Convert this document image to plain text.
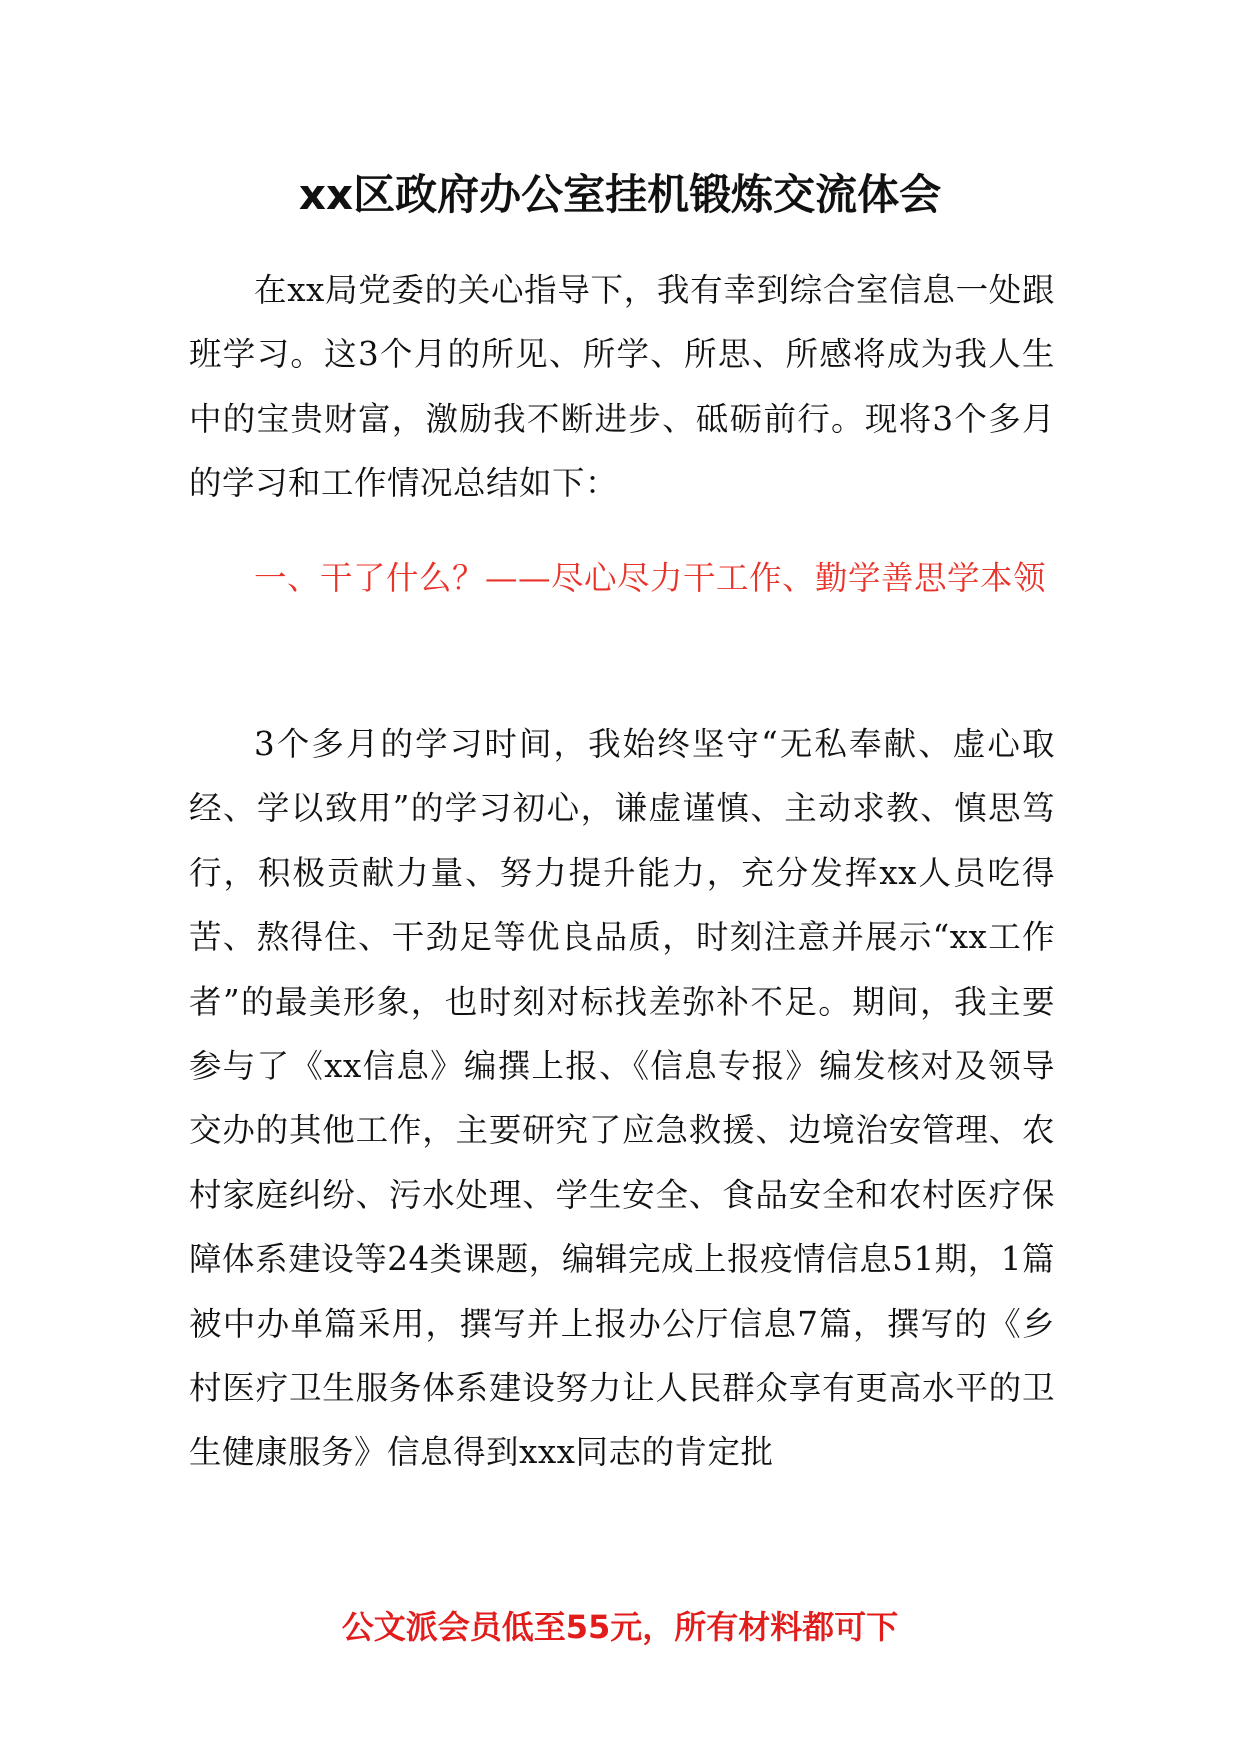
xx区政府办公室挂机锻炼交流体会

在xx局党委的关心指导下，我有幸到综合室信息一处跟班学习。这3个月的所见、所学、所思、所感将成为我人生中的宝贵财富，激励我不断进步、砥砺前行。现将3个多月的学习和工作情况总结如下：

一、干了什么？——尽心尽力干工作、勤学善思学本领

3个多月的学习时间，我始终坚守“无私奉献、虚心取经、学以致用”的学习初心，谦虚谨慎、主动求教、慎思笃行，积极贡献力量、努力提升能力，充分发挥xx人员吃得苦、熬得住、干劲足等优良品质，时刻注意并展示“xx工作者”的最美形象，也时刻对标找差弥补不足。期间，我主要参与了《xx信息》编撰上报、《信息专报》编发核对及领导交办的其他工作，主要研究了应急救援、边境治安管理、农村家庭纠纷、污水处理、学生安全、食品安全和农村医疗保障体系建设等24类课题，编辑完成上报疫情信息51期，1篇被中办单篇采用，撰写并上报办公厅信息7篇，撰写的《乡村医疗卫生服务体系建设努力让人民群众享有更高水平的卫生健康服务》信息得到xxx同志的肯定批

公文派会员低至55元，所有材料都可下
